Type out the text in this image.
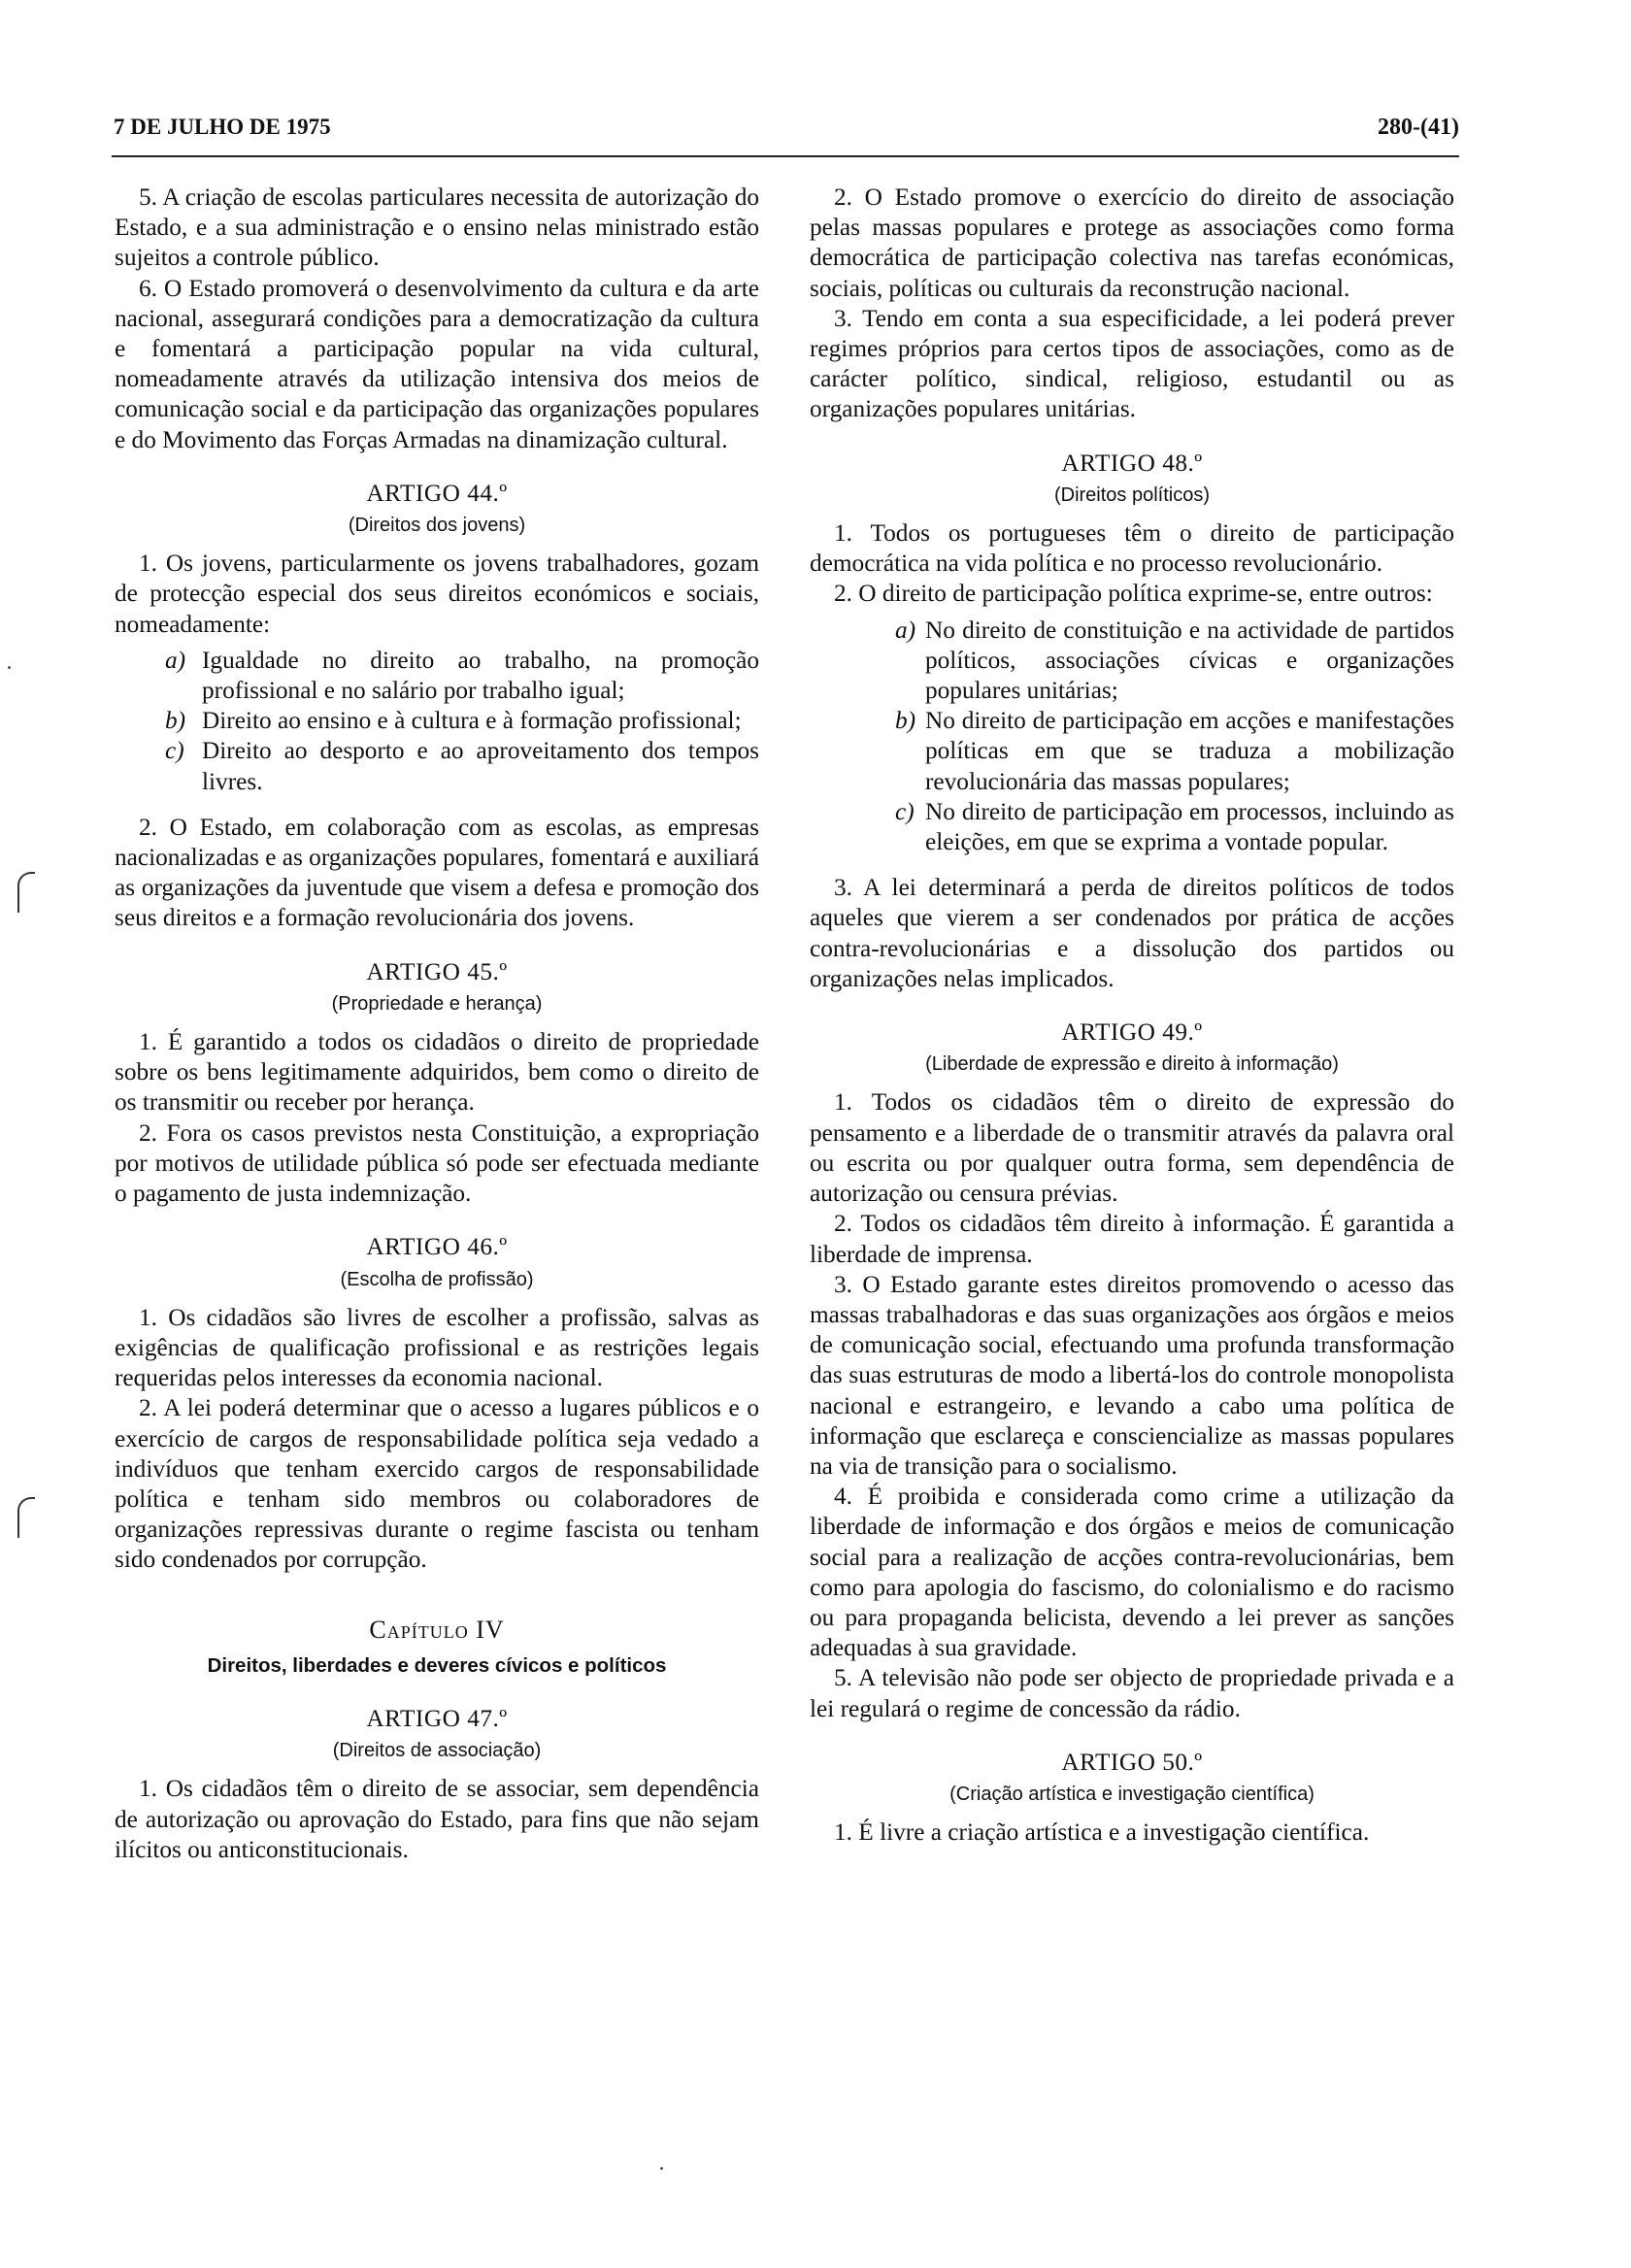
7 DE JULHO DE 1975	280-(41)

5. A criação de escolas particulares necessita de autorização do Estado, e a sua administração e o ensino nelas ministrado estão sujeitos a controle público.

6. O Estado promoverá o desenvolvimento da cultura e da arte nacional, assegurará condições para a democratização da cultura e fomentará a participação popular na vida cultural, nomeadamente através da utilização intensiva dos meios de comunicação social e da participação das organizações populares e do Movimento das Forças Armadas na dinamização cultural.

ARTIGO 44.º
(Direitos dos jovens)

1. Os jovens, particularmente os jovens trabalhadores, gozam de protecção especial dos seus direitos económicos e sociais, nomeadamente:

a) Igualdade no direito ao trabalho, na promoção profissional e no salário por trabalho igual;
b) Direito ao ensino e à cultura e à formação profissional;
c) Direito ao desporto e ao aproveitamento dos tempos livres.

2. O Estado, em colaboração com as escolas, as empresas nacionalizadas e as organizações populares, fomentará e auxiliará as organizações da juventude que visem a defesa e promoção dos seus direitos e a formação revolucionária dos jovens.

ARTIGO 45.º
(Propriedade e herança)

1. É garantido a todos os cidadãos o direito de propriedade sobre os bens legitimamente adquiridos, bem como o direito de os transmitir ou receber por herança.

2. Fora os casos previstos nesta Constituição, a expropriação por motivos de utilidade pública só pode ser efectuada mediante o pagamento de justa indemnização.

ARTIGO 46.º
(Escolha de profissão)

1. Os cidadãos são livres de escolher a profissão, salvas as exigências de qualificação profissional e as restrições legais requeridas pelos interesses da economia nacional.

2. A lei poderá determinar que o acesso a lugares públicos e o exercício de cargos de responsabilidade política seja vedado a indivíduos que tenham exercido cargos de responsabilidade política e tenham sido membros ou colaboradores de organizações repressivas durante o regime fascista ou tenham sido condenados por corrupção.

Capítulo IV
Direitos, liberdades e deveres cívicos e políticos
ARTIGO 47.º
(Direitos de associação)

1. Os cidadãos têm o direito de se associar, sem dependência de autorização ou aprovação do Estado, para fins que não sejam ilícitos ou anticonstitucionais.

2. O Estado promove o exercício do direito de associação pelas massas populares e protege as associações como forma democrática de participação colectiva nas tarefas económicas, sociais, políticas ou culturais da reconstrução nacional.

3. Tendo em conta a sua especificidade, a lei poderá prever regimes próprios para certos tipos de associações, como as de carácter político, sindical, religioso, estudantil ou as organizações populares unitárias.

ARTIGO 48.º
(Direitos políticos)

1. Todos os portugueses têm o direito de participação democrática na vida política e no processo revolucionário.

2. O direito de participação política exprime-se, entre outros:

a) No direito de constituição e na actividade de partidos políticos, associações cívicas e organizações populares unitárias;
b) No direito de participação em acções e manifestações políticas em que se traduza a mobilização revolucionária das massas populares;
c) No direito de participação em processos, incluindo as eleições, em que se exprima a vontade popular.

3. A lei determinará a perda de direitos políticos de todos aqueles que vierem a ser condenados por prática de acções contra-revolucionárias e a dissolução dos partidos ou organizações nelas implicados.

ARTIGO 49.º
(Liberdade de expressão e direito à informação)

1. Todos os cidadãos têm o direito de expressão do pensamento e a liberdade de o transmitir através da palavra oral ou escrita ou por qualquer outra forma, sem dependência de autorização ou censura prévias.

2. Todos os cidadãos têm direito à informação. É garantida a liberdade de imprensa.

3. O Estado garante estes direitos promovendo o acesso das massas trabalhadoras e das suas organizações aos órgãos e meios de comunicação social, efectuando uma profunda transformação das suas estruturas de modo a libertá-los do controle monopolista nacional e estrangeiro, e levando a cabo uma política de informação que esclareça e consciencialize as massas populares na via de transição para o socialismo.

4. É proibida e considerada como crime a utilização da liberdade de informação e dos órgãos e meios de comunicação social para a realização de acções contra-revolucionárias, bem como para apologia do fascismo, do colonialismo e do racismo ou para propaganda belicista, devendo a lei prever as sanções adequadas à sua gravidade.

5. A televisão não pode ser objecto de propriedade privada e a lei regulará o regime de concessão da rádio.

ARTIGO 50.º
(Criação artística e investigação científica)

1. É livre a criação artística e a investigação científica.
